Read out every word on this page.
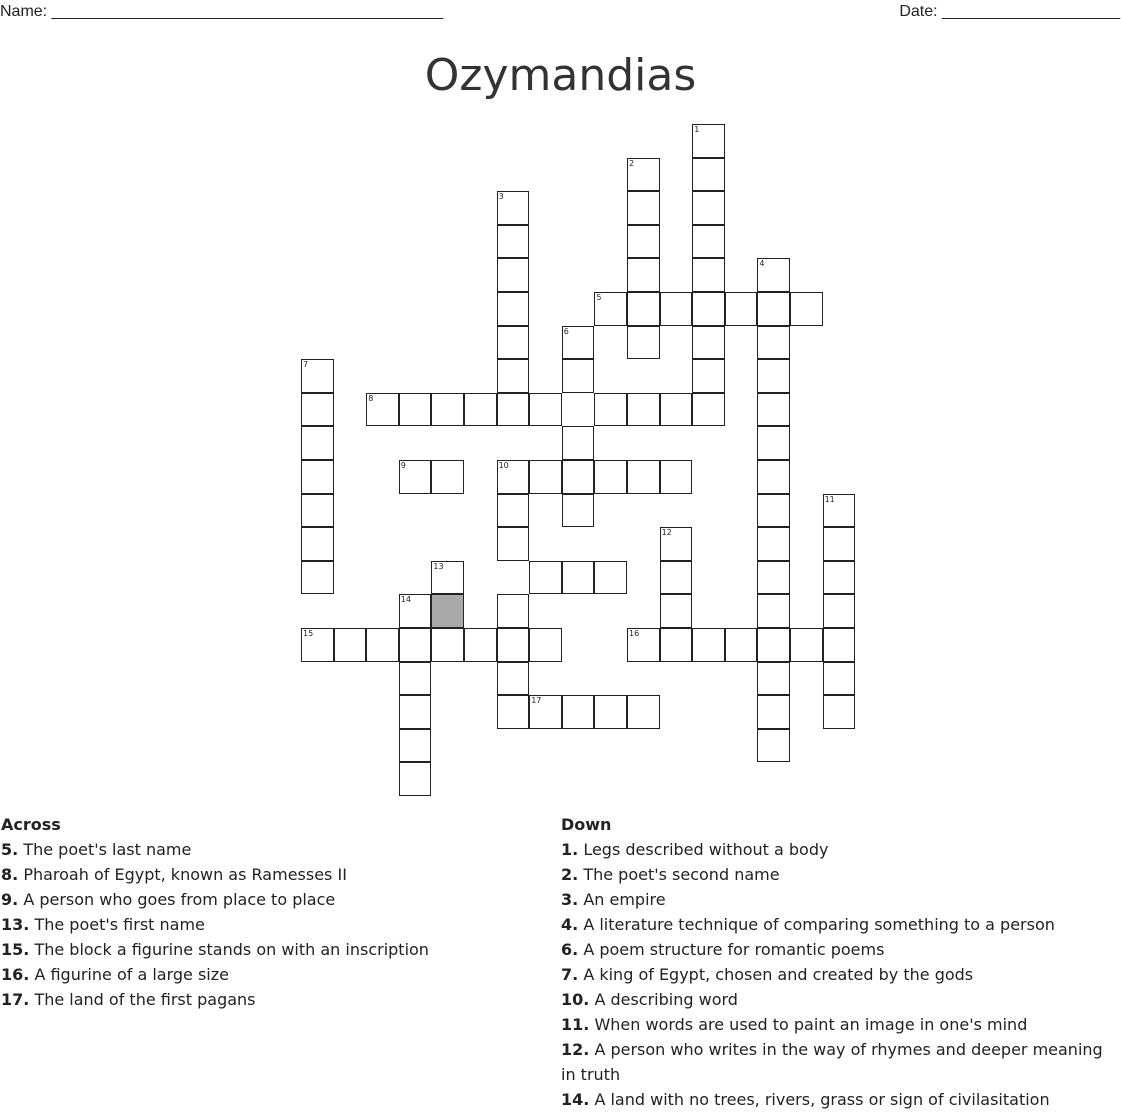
Name: ____________________________________________	Date: ____________________
Ozymandias
1
2
3
4
5
6
7
8
9	10
11
12
13
14
15	16
17
Across
5. The poet's last name
8. Pharoah of Egypt, known as Ramesses II
9. A person who goes from place to place
13. The poet's first name
15. The block a figurine stands on with an inscription
16. A figurine of a large size
17. The land of the first pagans
Down
1. Legs described without a body
2. The poet's second name
3. An empire
4. A literature technique of comparing something to a person
6. A poem structure for romantic poems
7. A king of Egypt, chosen and created by the gods
10. A describing word
11. When words are used to paint an image in one's mind
12. A person who writes in the way of rhymes and deeper meaning in truth
14. A land with no trees, rivers, grass or sign of civilasitation
